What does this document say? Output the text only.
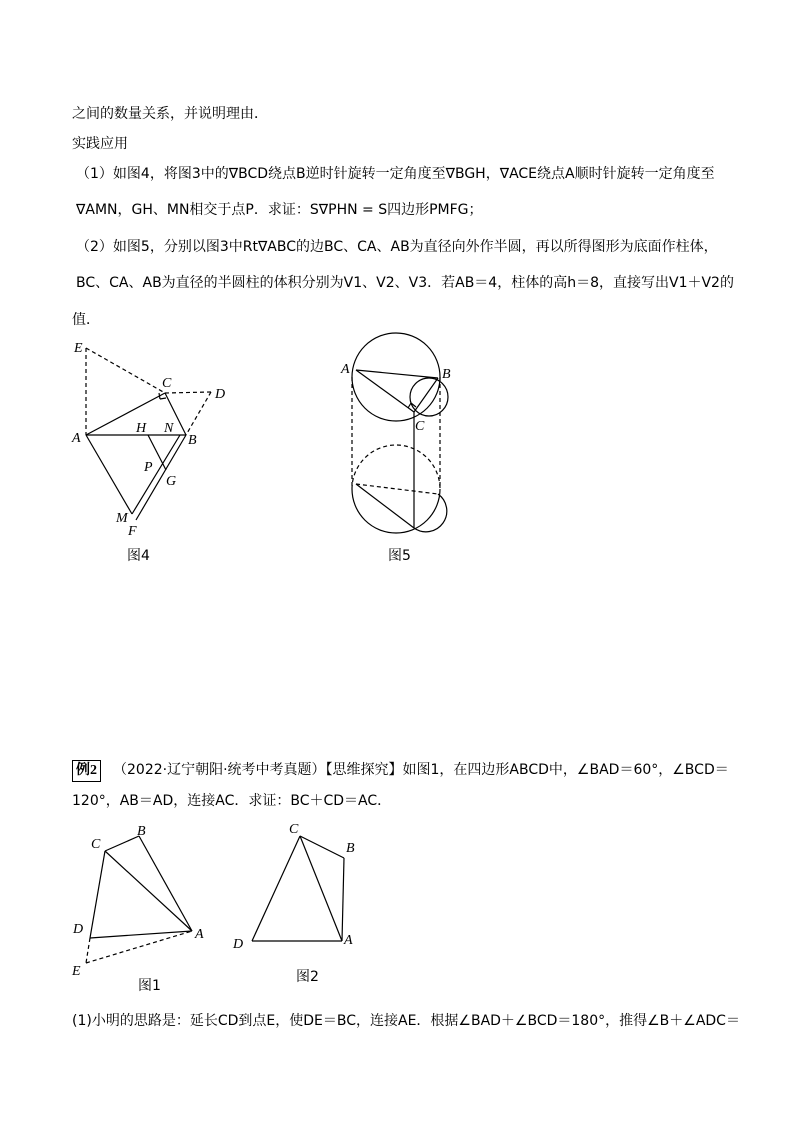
之间的数量关系，并说明理由．
实践应用
（1）如图4，将图3中的∇BCD绕点B逆时针旋转一定角度至∇BGH，∇ACE绕点A顺时针旋转一定角度至
∇AMN，GH、MN相交于点P．求证：S∇PHN = S四边形PMFG；
（2）如图5，分别以图3中Rt∇ABC的边BC、CA、AB为直径向外作半圆，再以所得图形为底面作柱体，
BC、CA、AB为直径的半圆柱的体积分别为V1、V2、V3．若AB＝4，柱体的高h＝8，直接写出V1＋V2的
值．
E
C
D
A
H N
B
P
G
M
F
图4
A	B
C
图5
例2 （2022·辽宁朝阳·统考中考真题）【思维探究】如图1，在四边形ABCD中，∠BAD＝60°，∠BCD＝
120°，AB＝AD，连接AC．求证：BC＋CD＝AC．
C
B
D	A
E
图1
C
B
D	A
图2
(1)小明的思路是：延长CD到点E，使DE＝BC，连接AE．根据∠BAD＋∠BCD＝180°，推得∠B＋∠ADC＝
